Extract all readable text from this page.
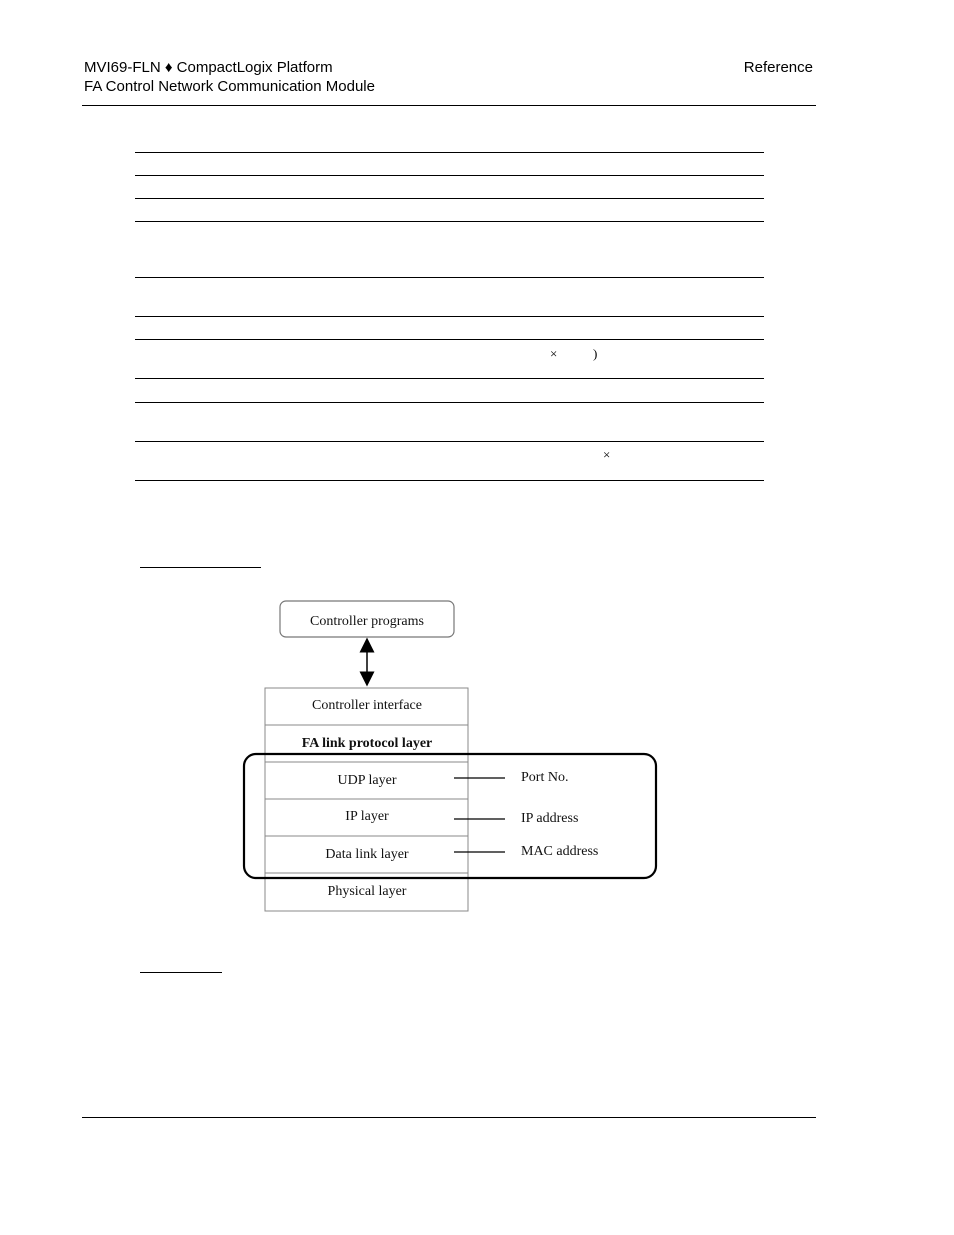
MVI69-FLN ♦ CompactLogix Platform
FA Control Network Communication Module
Reference
×	)
×
Controller programs
Controller interface
FA link protocol layer
UDP layer
IP layer
Data link layer
Physical layer
Port No.
IP address
MAC address
